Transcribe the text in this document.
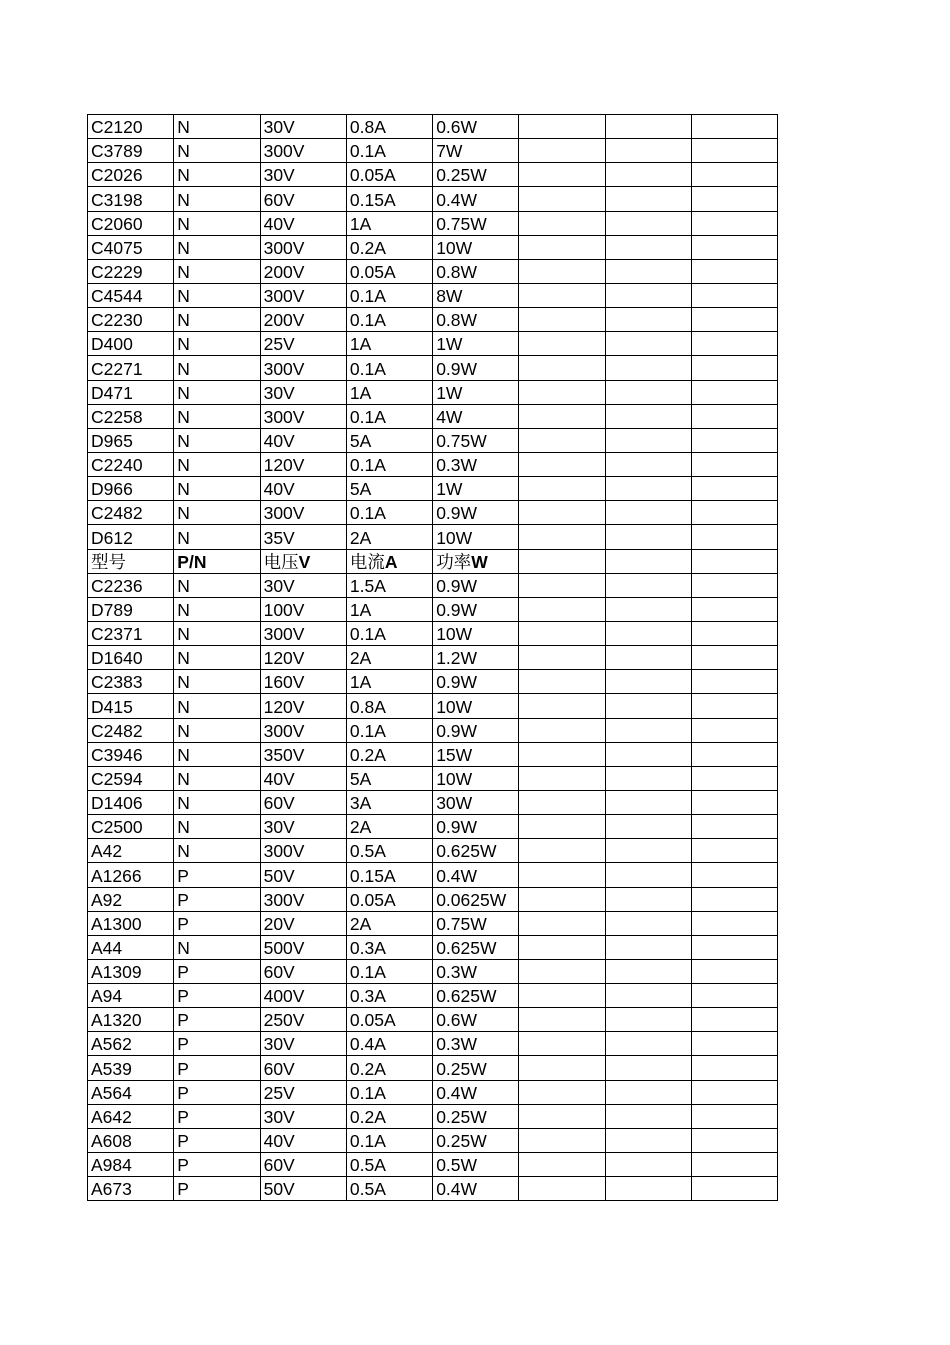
C2120	N	30V	0.8A	0.6W			
C3789	N	300V	0.1A	7W			
C2026	N	30V	0.05A	0.25W			
C3198	N	60V	0.15A	0.4W			
C2060	N	40V	1A	0.75W			
C4075	N	300V	0.2A	10W			
C2229	N	200V	0.05A	0.8W			
C4544	N	300V	0.1A	8W			
C2230	N	200V	0.1A	0.8W			
D400	N	25V	1A	1W			
C2271	N	300V	0.1A	0.9W			
D471	N	30V	1A	1W			
C2258	N	300V	0.1A	4W			
D965	N	40V	5A	0.75W			
C2240	N	120V	0.1A	0.3W			
D966	N	40V	5A	1W			
C2482	N	300V	0.1A	0.9W			
D612	N	35V	2A	10W			
型号	P/N	电压V	电流A	功率W			
C2236	N	30V	1.5A	0.9W			
D789	N	100V	1A	0.9W			
C2371	N	300V	0.1A	10W			
D1640	N	120V	2A	1.2W			
C2383	N	160V	1A	0.9W			
D415	N	120V	0.8A	10W			
C2482	N	300V	0.1A	0.9W			
C3946	N	350V	0.2A	15W			
C2594	N	40V	5A	10W			
D1406	N	60V	3A	30W			
C2500	N	30V	2A	0.9W			
A42	N	300V	0.5A	0.625W			
A1266	P	50V	0.15A	0.4W			
A92	P	300V	0.05A	0.0625W			
A1300	P	20V	2A	0.75W			
A44	N	500V	0.3A	0.625W			
A1309	P	60V	0.1A	0.3W			
A94	P	400V	0.3A	0.625W			
A1320	P	250V	0.05A	0.6W			
A562	P	30V	0.4A	0.3W			
A539	P	60V	0.2A	0.25W			
A564	P	25V	0.1A	0.4W			
A642	P	30V	0.2A	0.25W			
A608	P	40V	0.1A	0.25W			
A984	P	60V	0.5A	0.5W			
A673	P	50V	0.5A	0.4W			
